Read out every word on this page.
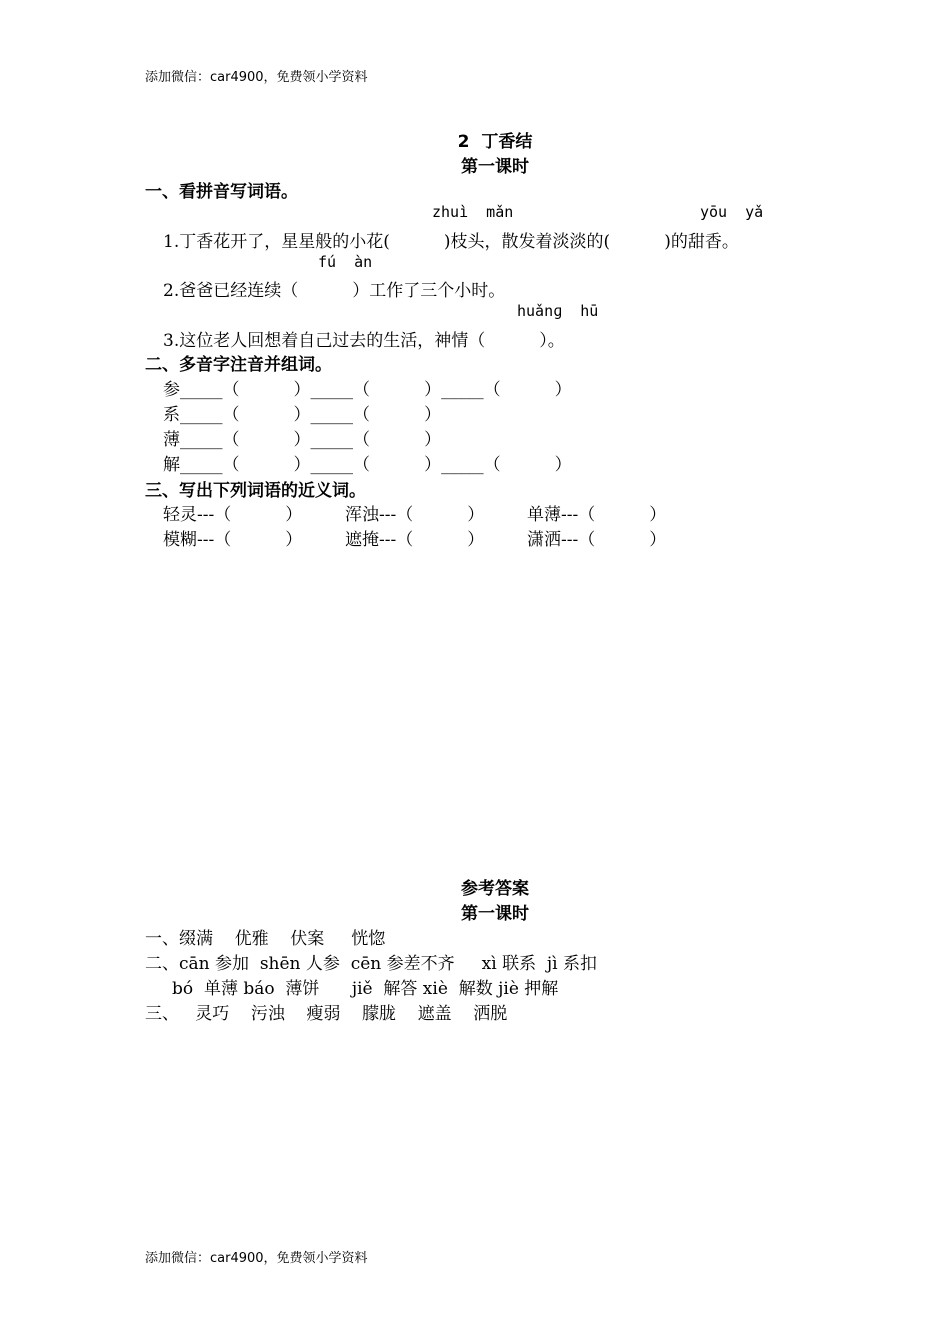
添加微信：car4900，免费领小学资料
2  丁香结
第一课时
一、看拼音写词语。
zhuì  mǎn	yōu  yǎ
1.丁香花开了，星星般的小花(          )枝头，散发着淡淡的(          )的甜香。
fú  àn
2.爸爸已经连续（          ）工作了三个小时。
huǎnɡ  hū
3.这位老人回想着自己过去的生活，神情（          ）。
二、多音字注音并组词。
参_____（          ）_____（          ）_____（          ）
系_____（          ）_____（          ）
薄_____（          ）_____（          ）
解_____（          ）_____（          ）_____（          ）
三、写出下列词语的近义词。
轻灵---（          ）	浑浊---（          ）	单薄---（          ）
模糊---（          ）	遮掩---（          ）	潇洒---（          ）
参考答案
第一课时
一、缀满    优雅    伏案     恍惚
二、cān 参加  shēn 人参  cēn 参差不齐     xì 联系  jì 系扣
bó  单薄 báo  薄饼      jiě  解答 xiè  解数 jiè 押解
三、   灵巧    污浊    瘦弱    朦胧    遮盖    洒脱
添加微信：car4900，免费领小学资料
